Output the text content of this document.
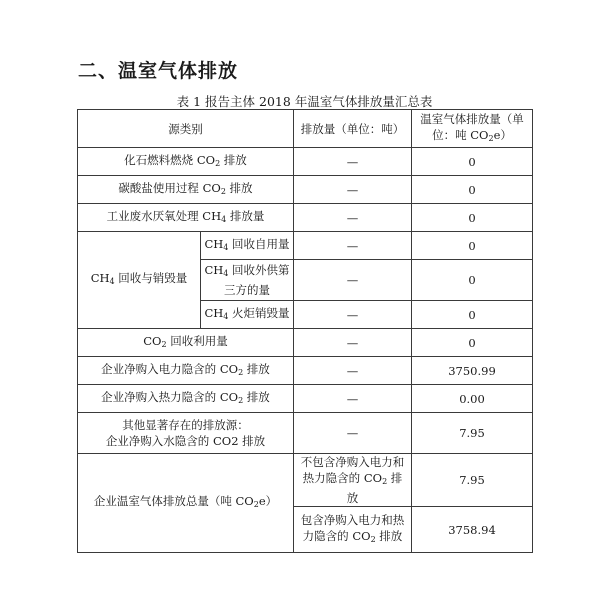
二、温室气体排放
表 1 报告主体 2018 年温室气体排放量汇总表
源类别		排放量（单位：吨）	温室气体排放量（单位：吨 $CO_2e$）
化石燃料燃烧 $CO_2$ 排放		—	0
碳酸盐使用过程 $CO_2$ 排放		—	0
工业废水厌氧处理 $CH_4$ 排放量		—	0
$CH_4$ 回收与销毁量	$CH_4$ 回收自用量	—	0
	$CH_4$ 回收外供第三方的量	—	0
	$CH_4$ 火炬销毁量	—	0
$CO_2$ 回收利用量		—	0
企业净购入电力隐含的 $CO_2$ 排放		—	3750.99
企业净购入热力隐含的 $CO_2$ 排放		—	0.00

其他显著存在的排放源：
企业净购入水隐含的 CO2 排放		—	7.95
企业温室气体排放总量（吨 $CO_2e$）		不包含净购入电力和热力隐含的 $CO_2$ 排放	7.95
		包含净购入电力和热力隐含的 $CO_2$ 排放	3758.94
